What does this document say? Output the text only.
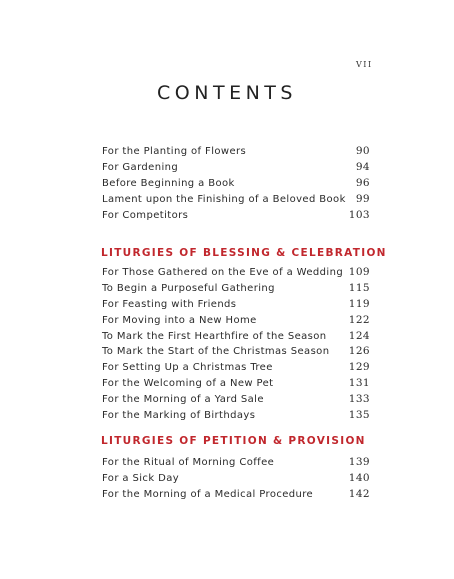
VII
CONTENTS
For the Planting of Flowers	90
For Gardening	94
Before Beginning a Book	96
Lament upon the Finishing of a Beloved Book 99
For Competitors	103
LITURGIES OF BLESSING & CELEBRATION
For Those Gathered on the Eve of a Wedding 109
To Begin a Purposeful Gathering	115
For Feasting with Friends	119
For Moving into a New Home	122
To Mark the First Hearthfire of the Season 124
To Mark the Start of the Christmas Season 126
For Setting Up a Christmas Tree	129
For the Welcoming of a New Pet	131
For the Morning of a Yard Sale	133
For the Marking of Birthdays	135
LITURGIES OF PETITION & PROVISION
For the Ritual of Morning Coffee	139
For a Sick Day	140
For the Morning of a Medical Procedure	142
